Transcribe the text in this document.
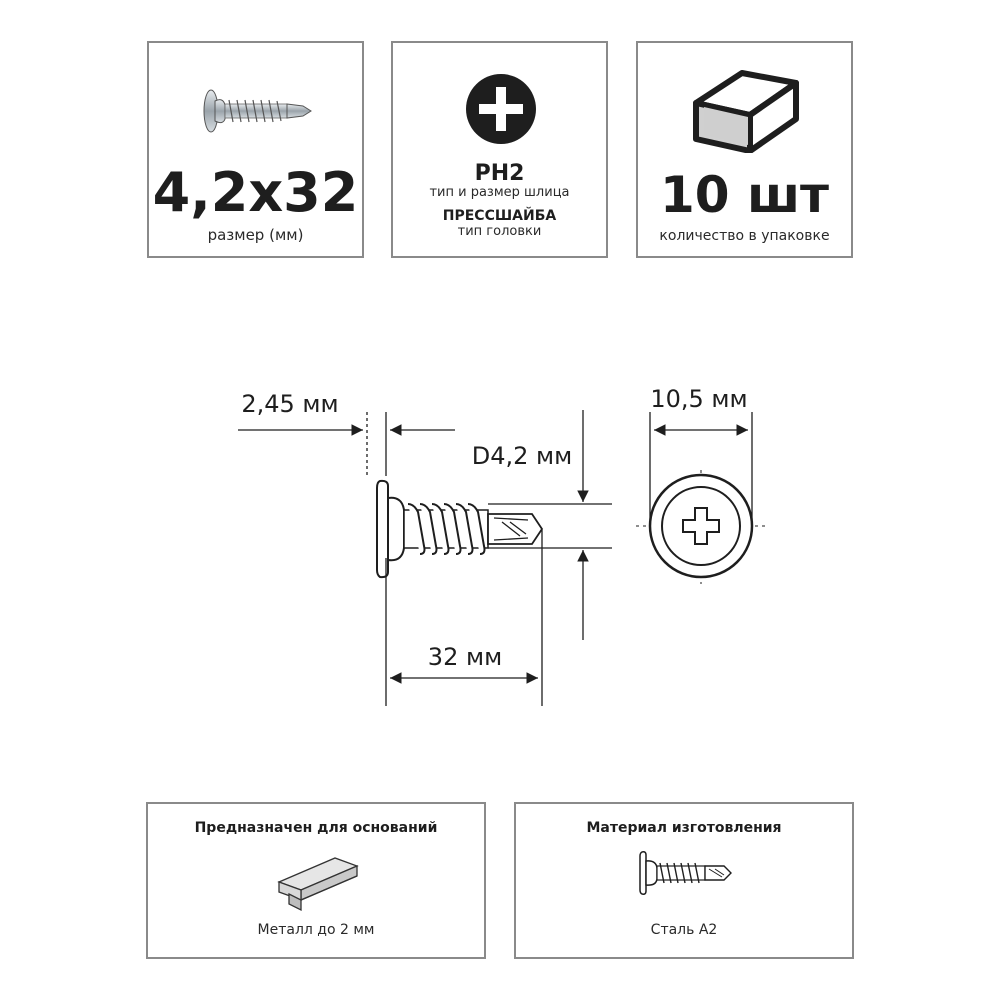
4,2x32
размер (мм)
PH2
тип и размер шлица
ПРЕССШАЙБА
тип головки
10 шт
количество в упаковке
2,45 мм	10,5 мм
D4,2 мм
32 мм
Предназначен для оснований
Металл до 2 мм
Материал изготовления
Сталь А2
